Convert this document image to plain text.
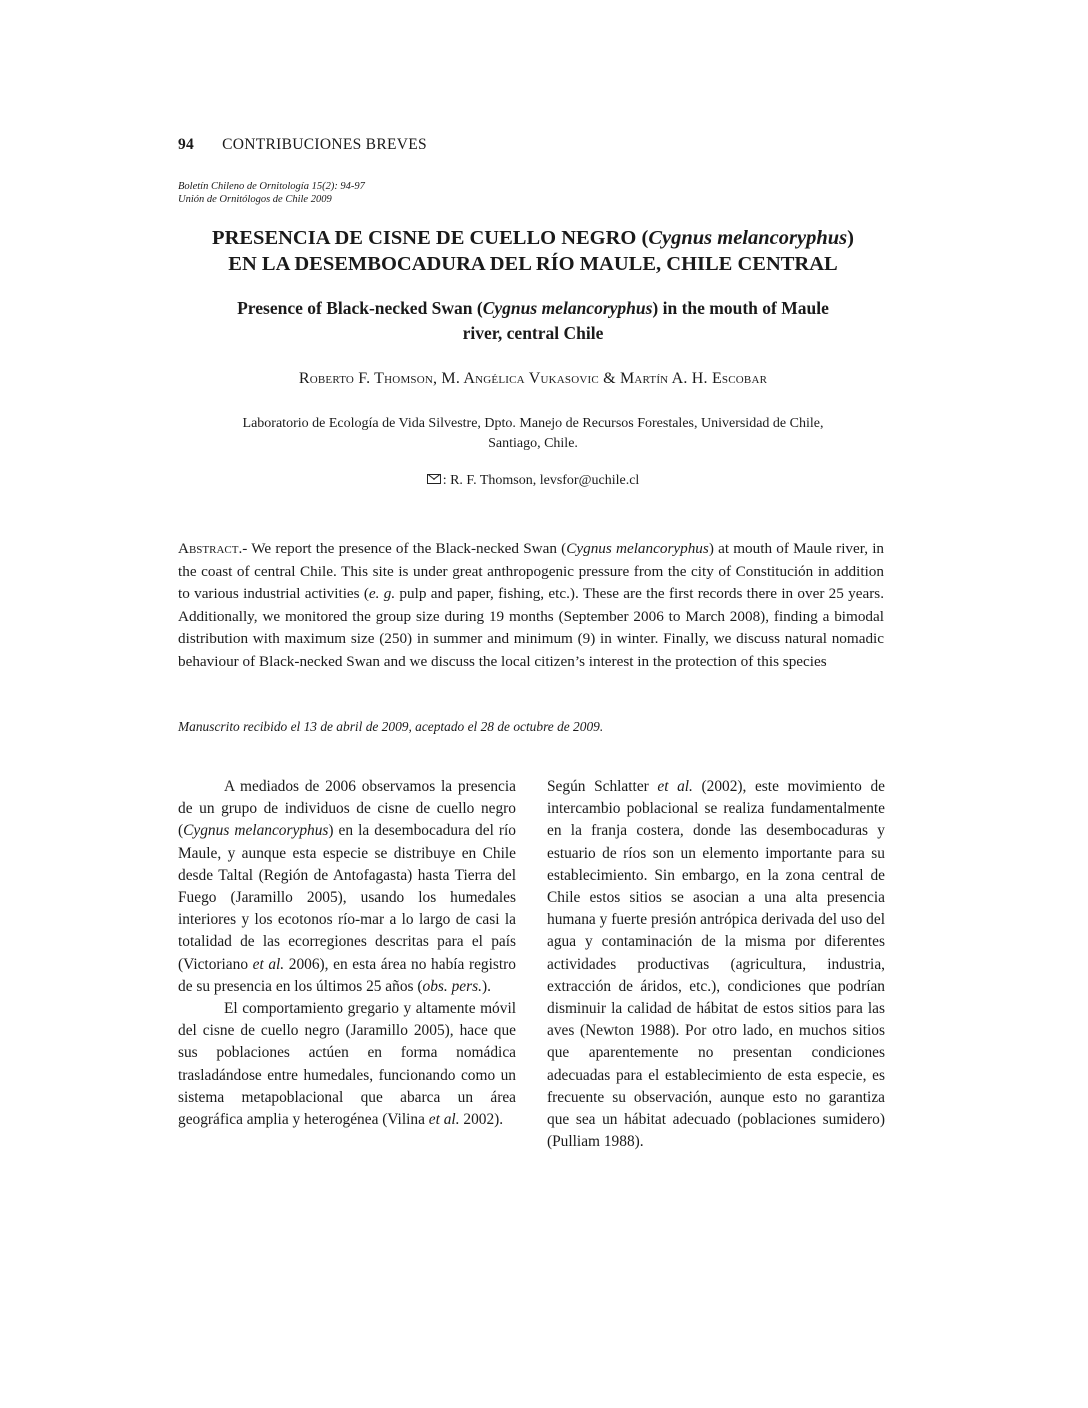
94 CONTRIBUCIONES BREVES
Boletín Chileno de Ornitología 15(2): 94-97
Unión de Ornitólogos de Chile 2009
PRESENCIA DE CISNE DE CUELLO NEGRO (Cygnus melancoryphus)
EN LA DESEMBOCADURA DEL RÍO MAULE, CHILE CENTRAL
Presence of Black-necked Swan (Cygnus melancoryphus) in the mouth of Maule
river, central Chile
Roberto F. Thomson, M. Angélica Vukasovic & Martín A. H. Escobar
Laboratorio de Ecología de Vida Silvestre, Dpto. Manejo de Recursos Forestales, Universidad de Chile,
Santiago, Chile.
: R. F. Thomson, levsfor@uchile.cl
Abstract.- We report the presence of the Black-necked Swan (Cygnus melancoryphus) at mouth of Maule river, in the coast of central Chile. This site is under great anthropogenic pressure from the city of Constitución in addition to various industrial activities (e. g. pulp and paper, fishing, etc.). These are the first records there in over 25 years. Additionally, we monitored the group size during 19 months (September 2006 to March 2008), finding a bimodal distribution with maximum size (250) in summer and minimum (9) in winter. Finally, we discuss natural nomadic behaviour of Black-necked Swan and we discuss the local citizen’s interest in the protection of this species
Manuscrito recibido el 13 de abril de 2009, aceptado el 28 de octubre de 2009.

A mediados de 2006 observamos la presencia de un grupo de individuos de cisne de cuello negro (Cygnus melancoryphus) en la desembocadura del río Maule, y aunque esta especie se distribuye en Chile desde Taltal (Región de Antofagasta) hasta Tierra del Fuego (Jaramillo 2005), usando los humedales interiores y los ecotonos río-mar a lo largo de casi la totalidad de las ecorregiones descritas para el país (Victoriano et al. 2006), en esta área no había registro de su presencia en los últimos 25 años (obs. pers.).

El comportamiento gregario y altamente móvil del cisne de cuello negro (Jaramillo 2005), hace que sus poblaciones actúen en forma nomádica trasladándose entre humedales, funcionando como un sistema metapoblacional que abarca un área geográfica amplia y heterogénea (Vilina et al. 2002).

Según Schlatter et al. (2002), este movimiento de intercambio poblacional se realiza fundamentalmente en la franja costera, donde las desembocaduras y estuario de ríos son un elemento importante para su establecimiento. Sin embargo, en la zona central de Chile estos sitios se asocian a una alta presencia humana y fuerte presión antrópica derivada del uso del agua y contaminación de la misma por diferentes actividades productivas (agricultura, industria, extracción de áridos, etc.), condiciones que podrían disminuir la calidad de hábitat de estos sitios para las aves (Newton 1988). Por otro lado, en muchos sitios que aparentemente no presentan condiciones adecuadas para el establecimiento de esta especie, es frecuente su observación, aunque esto no garantiza que sea un hábitat adecuado (poblaciones sumidero) (Pulliam 1988).
